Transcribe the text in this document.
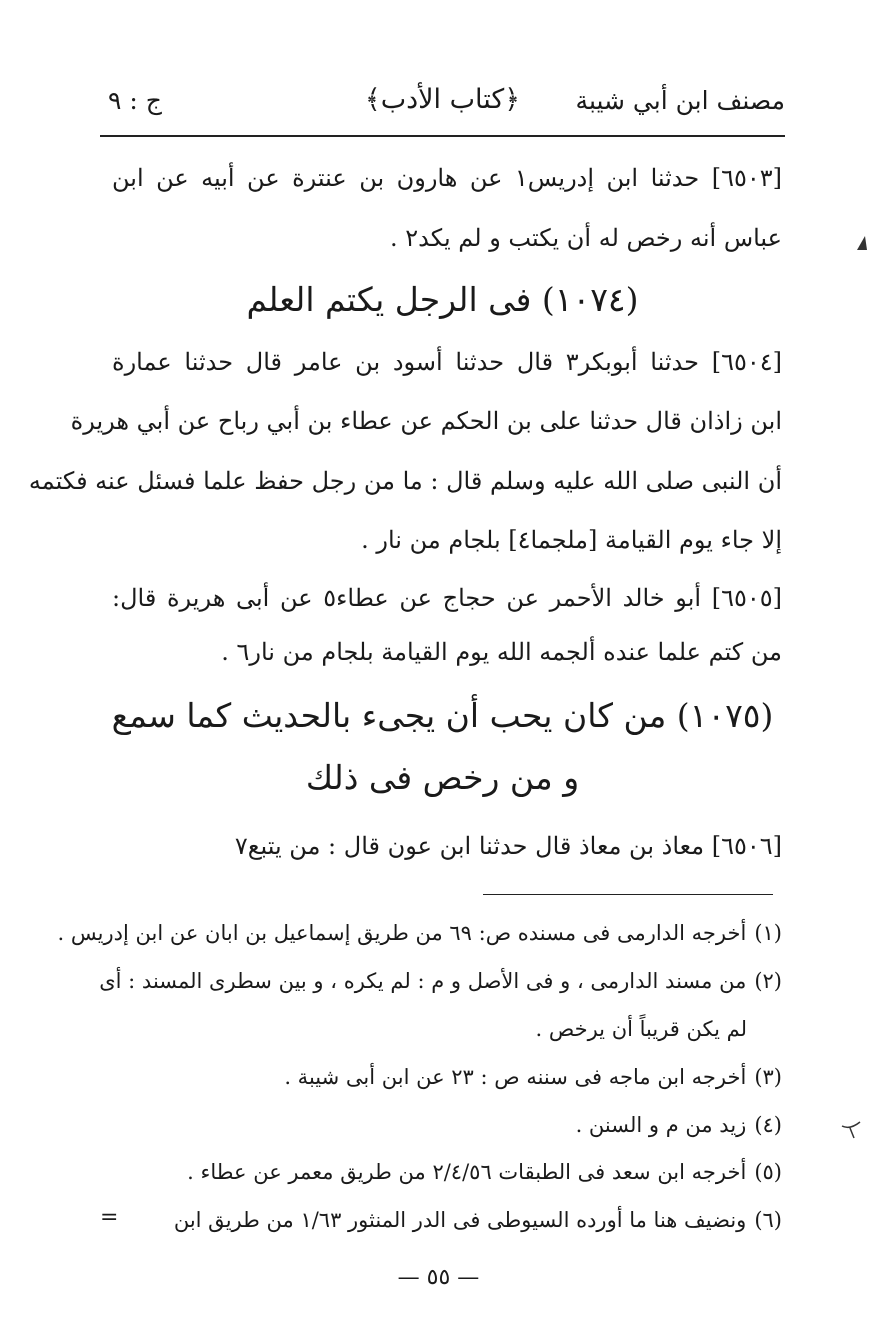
مصنف ابن أبي شيبة
﴿كتاب الأدب﴾
ج : ٩
[٦٥٠٣] حدثنا ابن إدريس١ عن هارون بن عنترة عن أبيه عن ابن
عباس أنه رخص له أن يكتب و لم يكد٢ .
(١٠٧٤) فى الرجل يكتم العلم
[٦٥٠٤] حدثنا أبوبكر٣ قال حدثنا أسود بن عامر قال حدثنا عمارة
ابن زاذان قال حدثنا على بن الحكم عن عطاء بن أبي رباح عن أبي هريرة
أن النبى صلى الله عليه وسلم قال : ما من رجل حفظ علما فسئل عنه فكتمه
إلا جاء يوم القيامة [ملجما٤] بلجام من نار .
[٦٥٠٥] أبو خالد الأحمر عن حجاج عن عطاء٥ عن أبى هريرة قال:
من كتم علما عنده ألجمه الله يوم القيامة بلجام من نار٦ .
(١٠٧٥) من كان يحب أن يجىء بالحديث كما سمع
و من رخص فى ذلك
[٦٥٠٦] معاذ بن معاذ قال حدثنا ابن عون قال : من يتبع٧
(١)أخرجه الدارمى فى مسنده ص: ٦٩ من طريق إسماعيل بن ابان عن ابن إدريس .
(٢)من مسند الدارمى ، و فى الأصل و م : لم يكره ، و بين سطرى المسند : أى
لم يكن قريباً أن يرخص .
(٣)أخرجه ابن ماجه فى سننه ص : ٢٣ عن ابن أبى شيبة .
(٤)زيد من م و السنن .
(٥)أخرجه ابن سعد فى الطبقات ٢/٤/٥٦ من طريق معمر عن عطاء .
(٦)ونضيف هنا ما أورده السيوطى فى الدر المنثور ١/٦٣ من طريق ابن
=
— ٥٥ —
